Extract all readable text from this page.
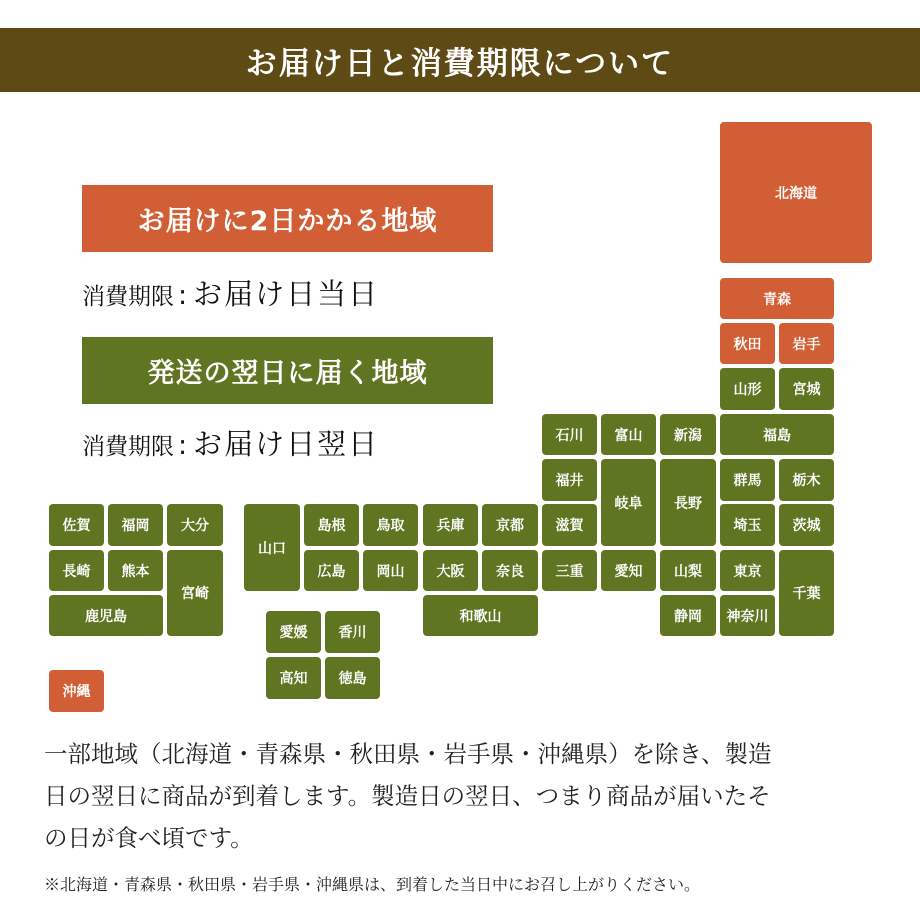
お届け日と消費期限について
お届けに2日かかる地域
消費期限 : お届け日当日
発送の翌日に届く地域
消費期限 : お届け日翌日
北海道
青森
秋田	岩手
山形	宮城
福島
石川	富山	新潟
福井
岐阜	長野
群馬	栃木
佐賀	福岡	大分
山口
島根	鳥取	兵庫	京都	滋賀	埼玉	茨城
長崎	熊本
宮崎
広島	岡山	大阪	奈良	三重	愛知	山梨	東京
千葉
鹿児島	和歌山	静岡	神奈川
愛媛	香川
高知	徳島
沖縄

一部地域（北海道・青森県・秋田県・岩手県・沖縄県）を除き、製造

日の翌日に商品が到着します。製造日の翌日、つまり商品が届いたそ

の日が食べ頃です。

※北海道・青森県・秋田県・岩手県・沖縄県は、到着した当日中にお召し上がりください。
